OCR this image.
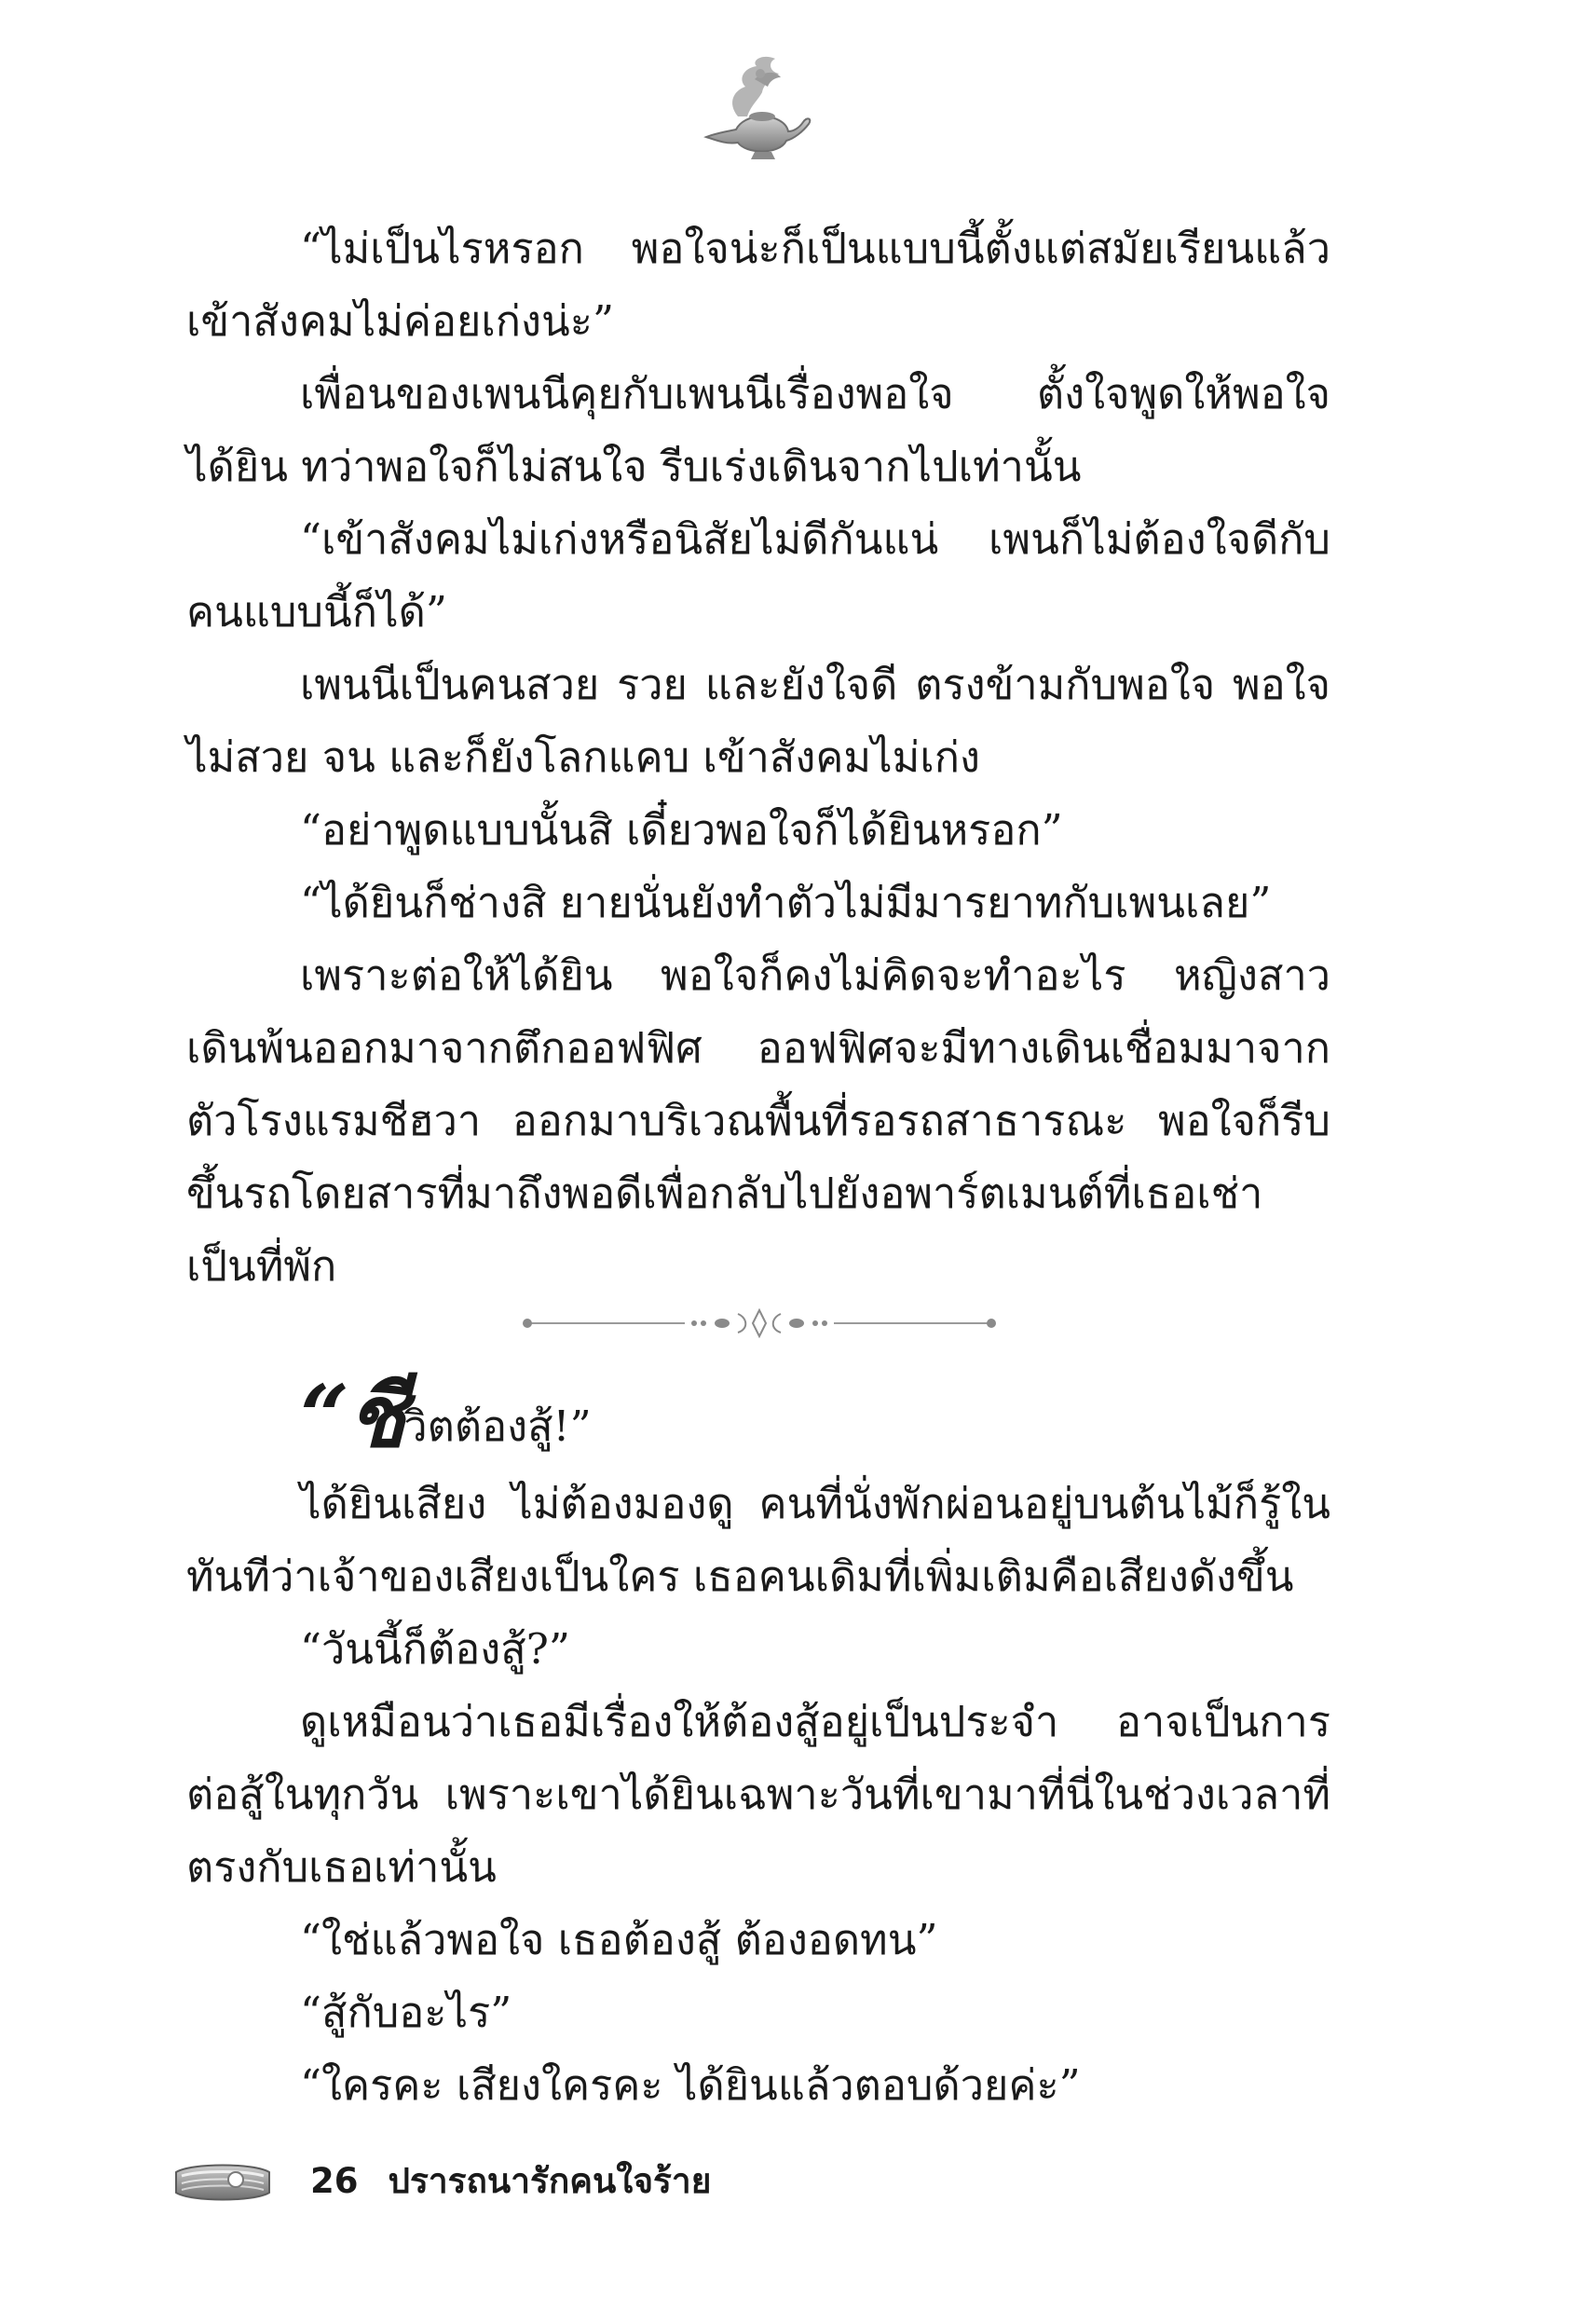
“ไม่เป็นไรหรอก พอใจน่ะก็เป็นแบบนี้ตั้งแต่สมัยเรียนแล้ว เข้าสังคมไม่ค่อยเก่งน่ะ”

เพื่อนของเพนนีคุยกับเพนนีเรื่องพอใจ ตั้งใจพูดให้พอใจได้ยิน ทว่าพอใจก็ไม่สนใจ รีบเร่งเดินจากไปเท่านั้น

“เข้าสังคมไม่เก่งหรือนิสัยไม่ดีกันแน่ เพนก็ไม่ต้องใจดีกับคนแบบนี้ก็ได้”

เพนนีเป็นคนสวย รวย และยังใจดี ตรงข้ามกับพอใจ พอใจไม่สวย จน และก็ยังโลกแคบ เข้าสังคมไม่เก่ง

“อย่าพูดแบบนั้นสิ เดี๋ยวพอใจก็ได้ยินหรอก”

“ได้ยินก็ช่างสิ ยายนั่นยังทำตัวไม่มีมารยาทกับเพนเลย”

เพราะต่อให้ได้ยิน พอใจก็คงไม่คิดจะทำอะไร หญิงสาวเดินพ้นออกมาจากตึกออฟฟิศ ออฟฟิศจะมีทางเดินเชื่อมมาจากตัวโรงแรมชีฮวา ออกมาบริเวณพื้นที่รอรถสาธารณะ พอใจก็รีบขึ้นรถโดยสารที่มาถึงพอดีเพื่อกลับไปยังอพาร์ตเมนต์ที่เธอเช่าเป็นที่พัก

“ชีวิตต้องสู้!”

ได้ยินเสียง ไม่ต้องมองดู คนที่นั่งพักผ่อนอยู่บนต้นไม้ก็รู้ในทันทีว่าเจ้าของเสียงเป็นใคร เธอคนเดิมที่เพิ่มเติมคือเสียงดังขึ้น

“วันนี้ก็ต้องสู้?”

ดูเหมือนว่าเธอมีเรื่องให้ต้องสู้อยู่เป็นประจำ อาจเป็นการต่อสู้ในทุกวัน เพราะเขาได้ยินเฉพาะวันที่เขามาที่นี่ในช่วงเวลาที่ตรงกับเธอเท่านั้น

“ใช่แล้วพอใจ เธอต้องสู้ ต้องอดทน”

“สู้กับอะไร”

“ใครคะ เสียงใครคะ ได้ยินแล้วตอบด้วยค่ะ”

26 ปรารถนารักคนใจร้าย
